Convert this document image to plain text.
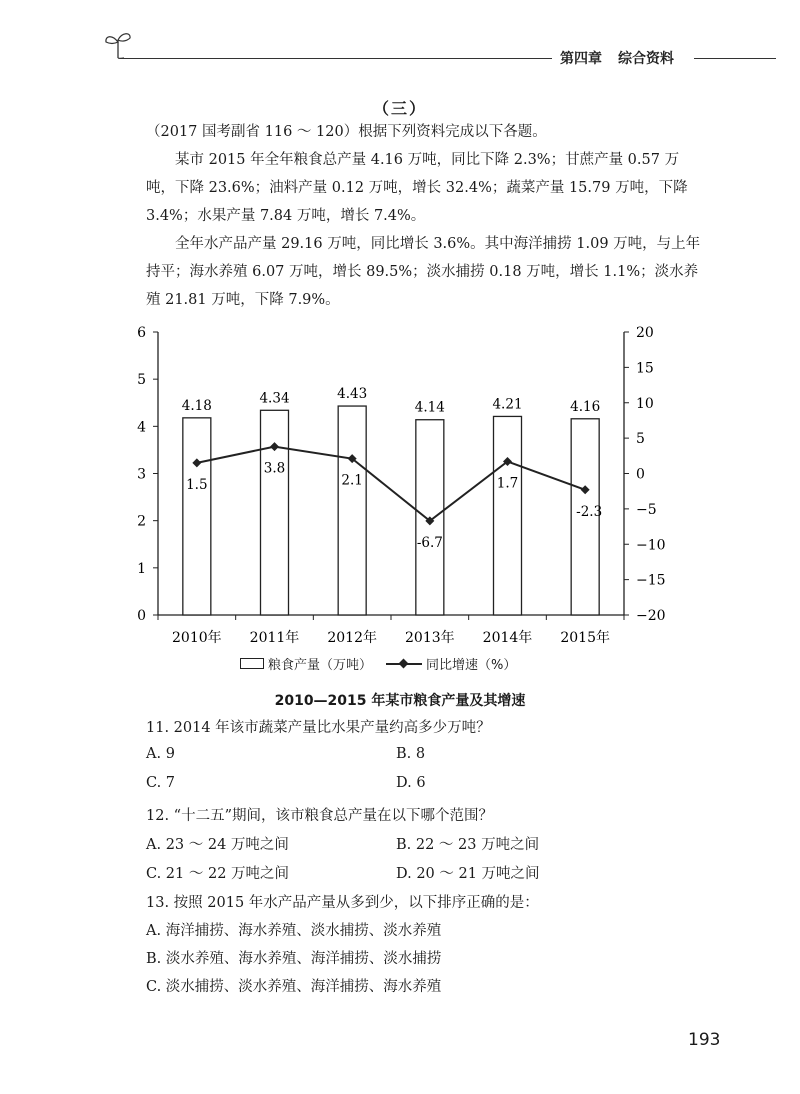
第四章 综合资料
（三）

（2017 国考副省 116 ～ 120）根据下列资料完成以下各题。

某市 2015 年全年粮食总产量 4.16 万吨，同比下降 2.3%；甘蔗产量 0.57 万吨，下降 23.6%；油料产量 0.12 万吨，增长 32.4%；蔬菜产量 15.79 万吨，下降 3.4%；水果产量 7.84 万吨，增长 7.4%。

全年水产品产量 29.16 万吨，同比增长 3.6%。其中海洋捕捞 1.09 万吨，与上年持平；海水养殖 6.07 万吨，增长 89.5%；淡水捕捞 0.18 万吨，增长 1.1%；淡水养殖 21.81 万吨，下降 7.9%。

0
1
2
3
4
5
6
−20
−15
−10
−5
0
5
10
15
20
2010年 2011年 2012年 2013年 2014年 2015年
4.18	4.34	4.43
4.14	4.21	4.16
1.5
3.8
2.1
-6.7
1.7
-2.3
粮食产量（万吨）	同比增速（%）
2010—2015 年某市粮食产量及其增速
11. 2014 年该市蔬菜产量比水果产量约高多少万吨？
A. 9	B. 8
C. 7	D. 6
12. “十二五”期间，该市粮食总产量在以下哪个范围？
A. 23 ～ 24 万吨之间	B. 22 ～ 23 万吨之间
C. 21 ～ 22 万吨之间	D. 20 ～ 21 万吨之间
13. 按照 2015 年水产品产量从多到少，以下排序正确的是：
A. 海洋捕捞、海水养殖、淡水捕捞、淡水养殖
B. 淡水养殖、海水养殖、海洋捕捞、淡水捕捞
C. 淡水捕捞、淡水养殖、海洋捕捞、海水养殖
193
